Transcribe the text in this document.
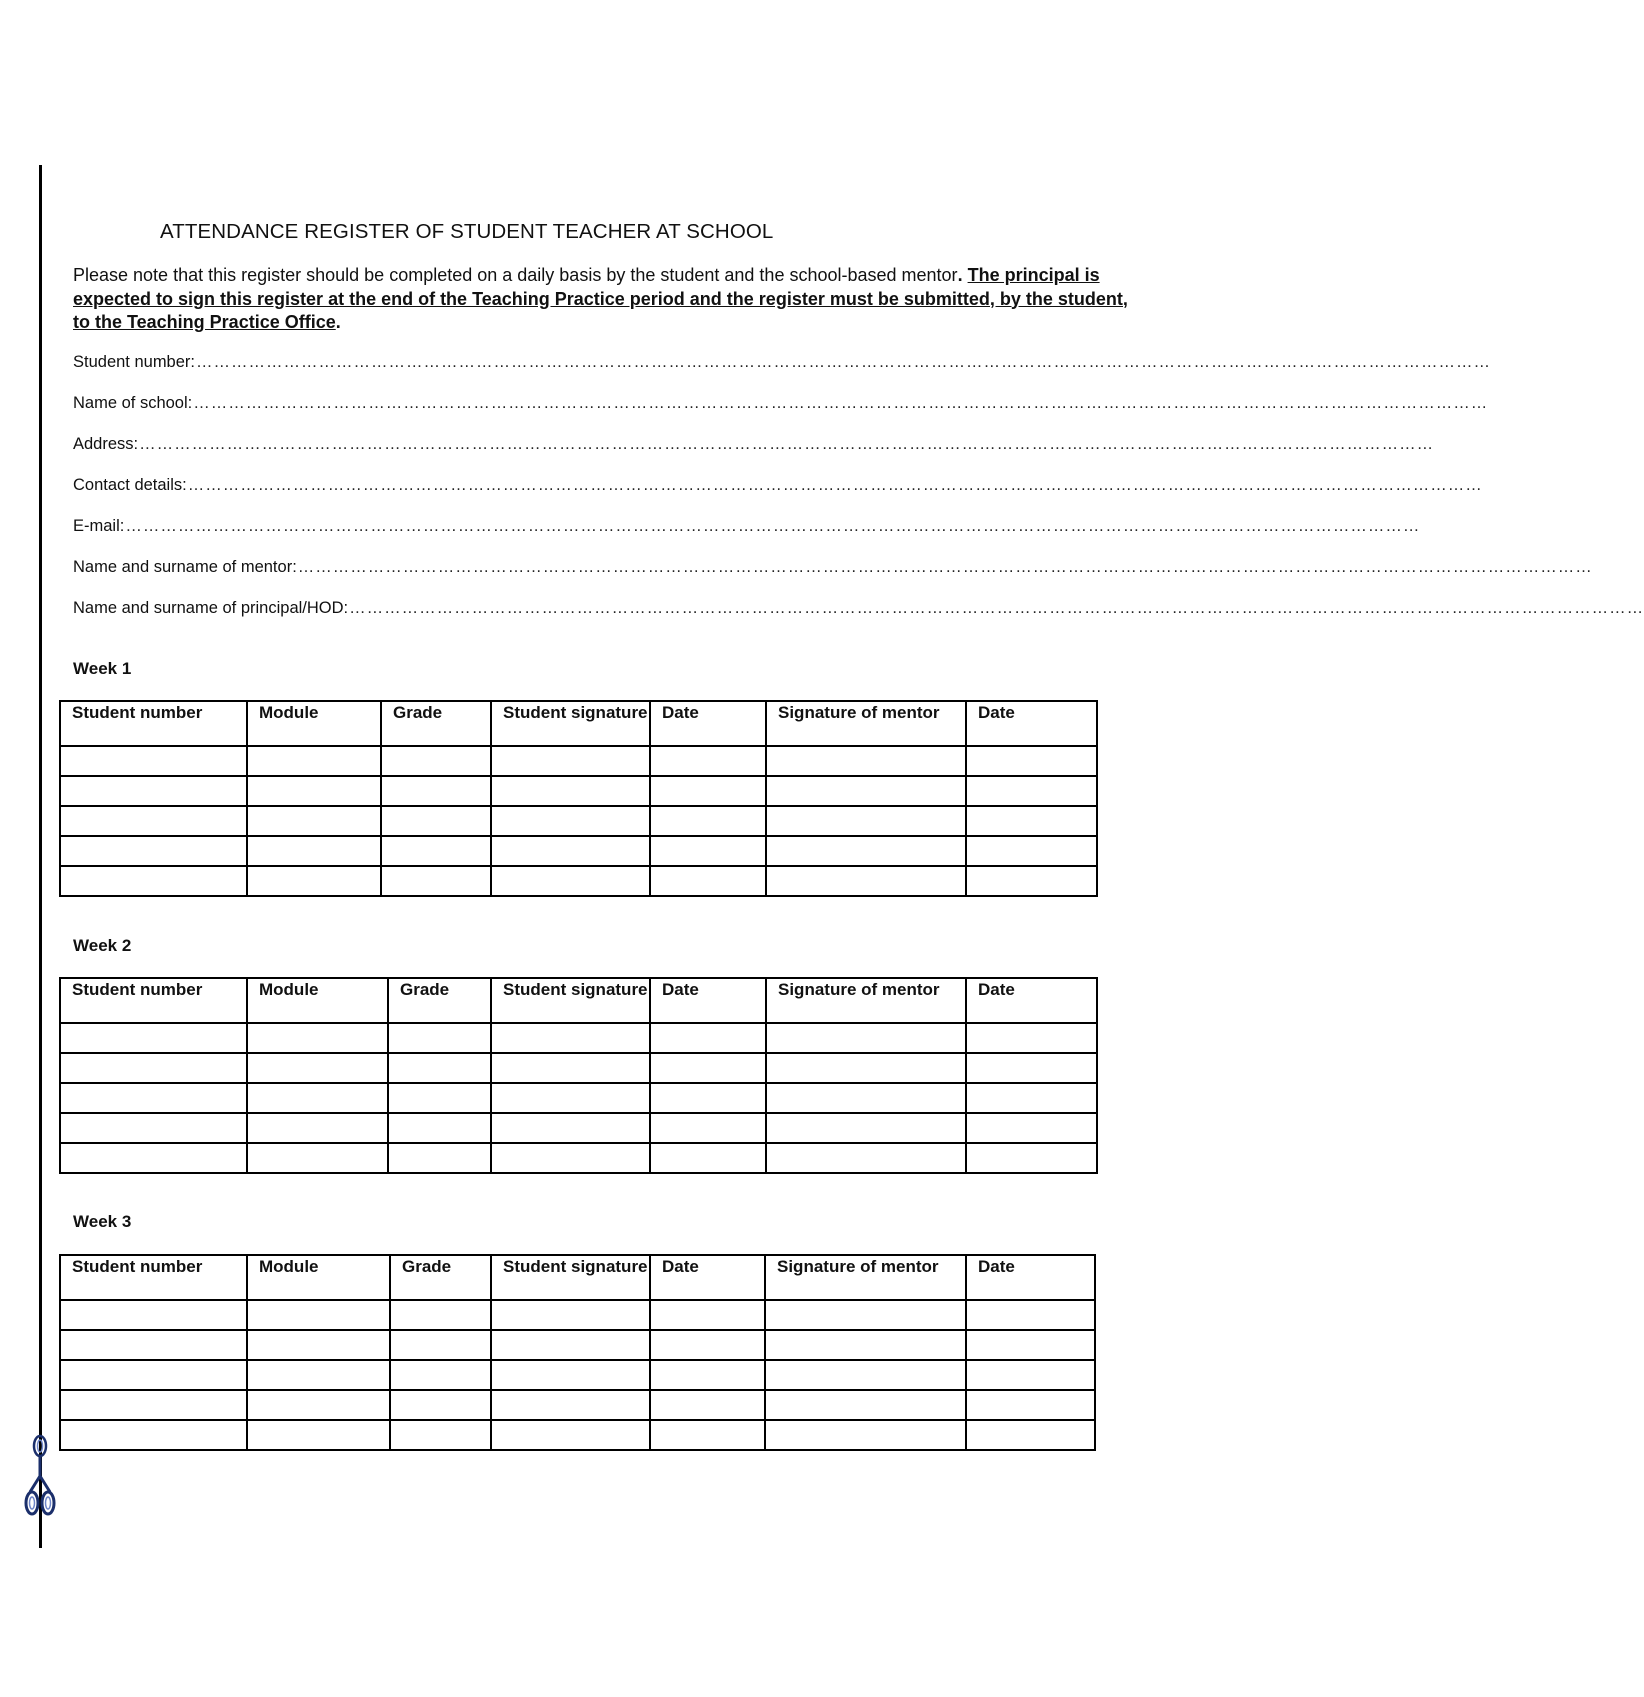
ATTENDANCE REGISTER OF STUDENT TEACHER AT SCHOOL
Please note that this register should be completed on a daily basis by the student and the school-based mentor. The principal is expected to sign this register at the end of the Teaching Practice period and the register must be submitted, by the student, to the Teaching Practice Office.
Student number: ……………………………………………………………………………………………………………………………………………………………………………………………………
Name of school: ……………………………………………………………………………………………………………………………………………………………………………………………………
Address: ……………………………………………………………………………………………………………………………………………………………………………………………………
Contact details: ……………………………………………………………………………………………………………………………………………………………………………………………………
E-mail: ……………………………………………………………………………………………………………………………………………………………………………………………………
Name and surname of mentor: ……………………………………………………………………………………………………………………………………………………………………………………………………
Name and surname of principal/HOD: ……………………………………………………………………………………………………………………………………………………………………………………………………
Week 1
Student number	Module	Grade	Student signature	Date	Signature of mentor	Date

Week 2
Student number	Module	Grade	Student signature	Date	Signature of mentor	Date

Week 3
Student number	Module	Grade	Student signature	Date	Signature of mentor	Date
